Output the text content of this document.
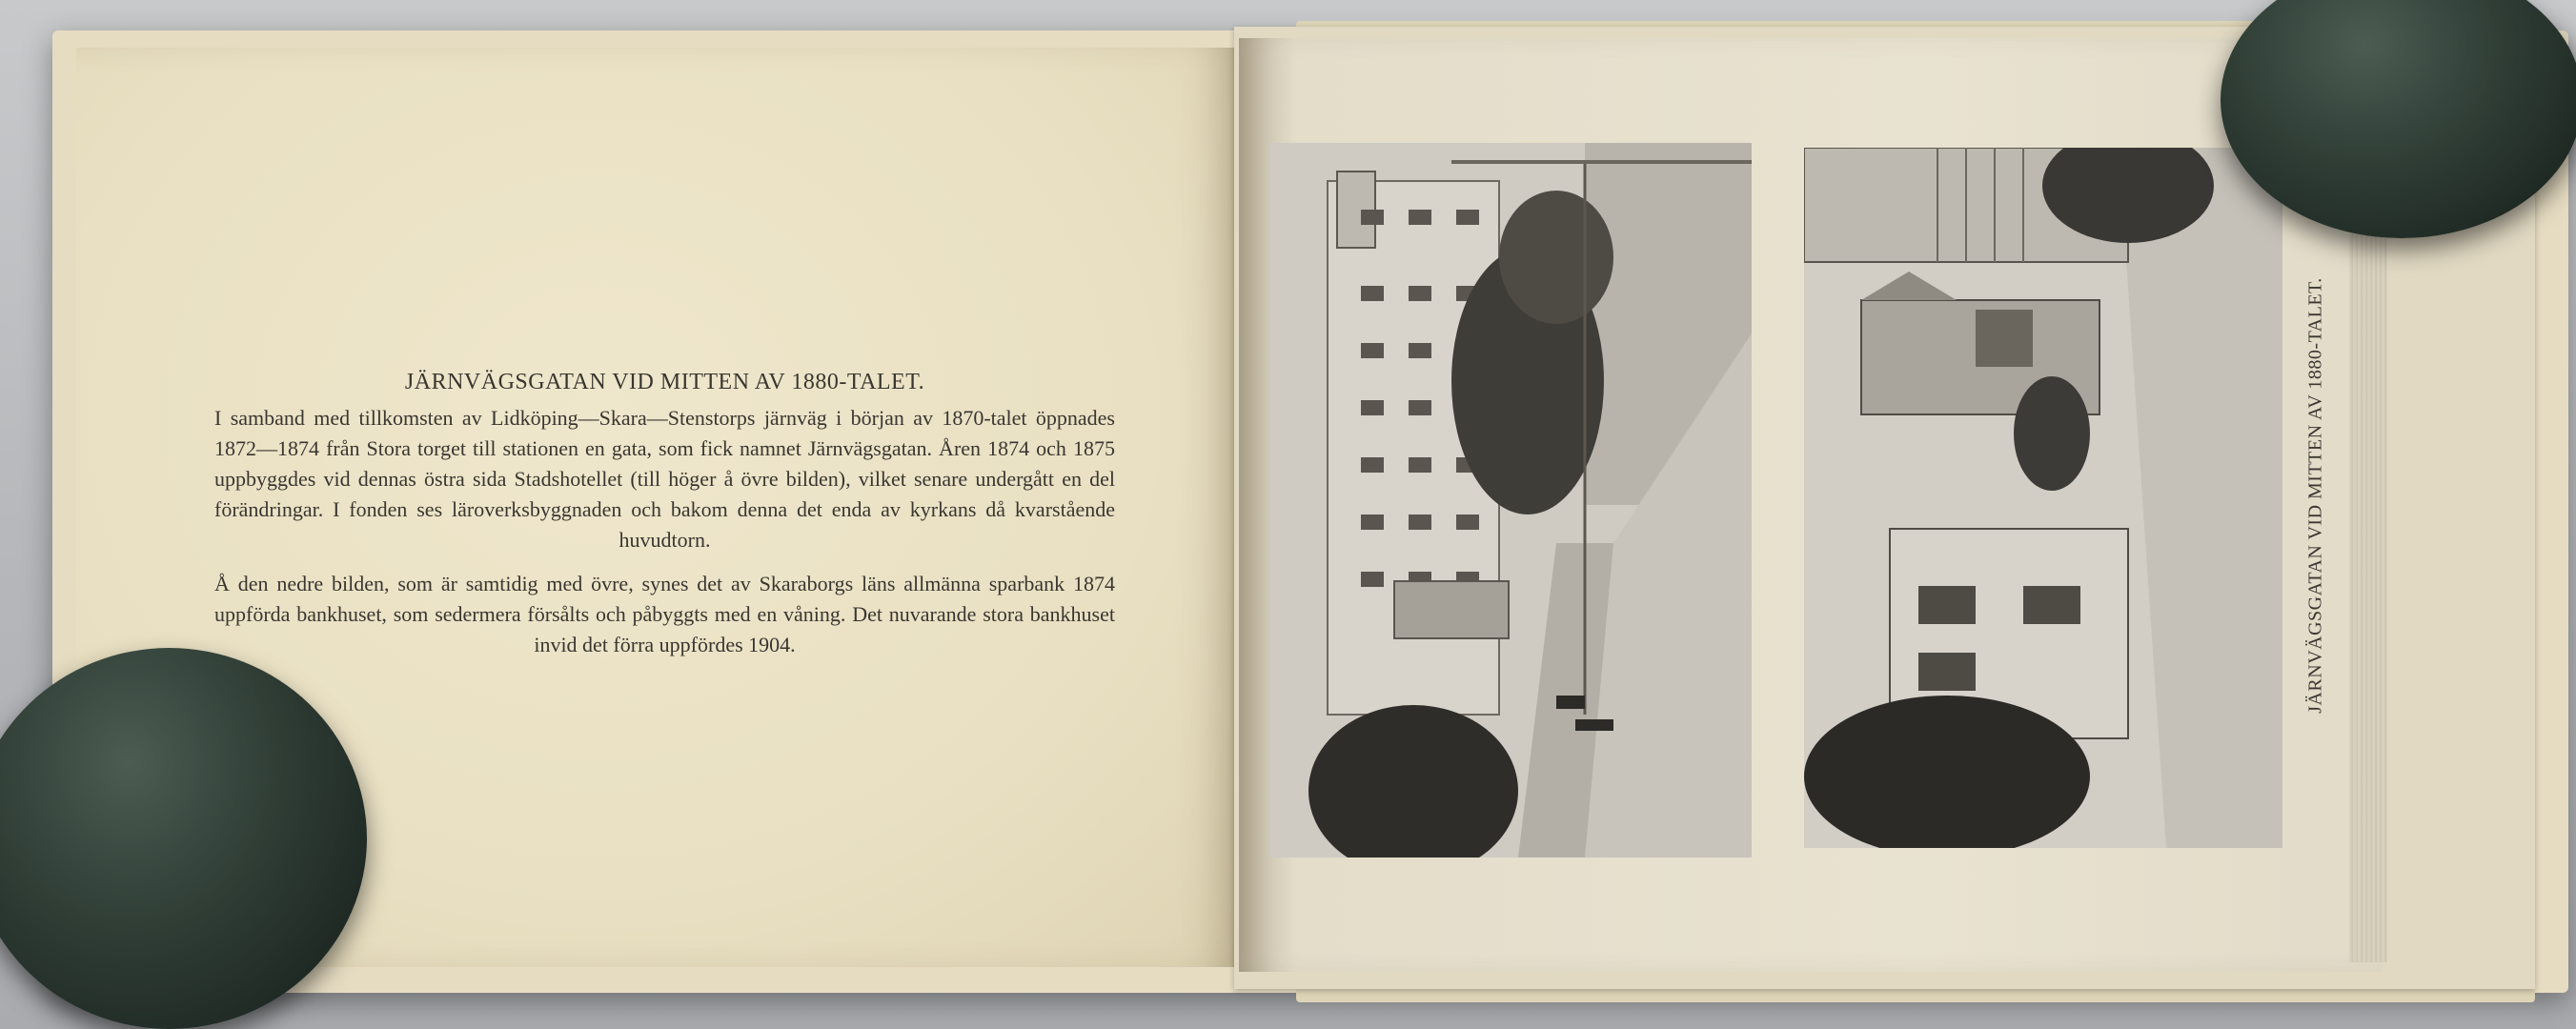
JÄRNVÄGSGATAN VID MITTEN AV 1880-TALET.

I samband med tillkomsten av Lidköping—Skara—Stenstorps järnväg i början av 1870-talet öppnades 1872—1874 från Stora torget till stationen en gata, som fick namnet Järnvägsgatan. Åren 1874 och 1875 uppbyggdes vid dennas östra sida Stadshotellet (till höger å övre bilden), vilket senare undergått en del förändringar. I fonden ses läroverksbyggnaden och bakom denna det enda av kyrkans då kvarstående huvudtorn.

Å den nedre bilden, som är samtidig med övre, synes det av Skaraborgs läns allmänna sparbank 1874 uppförda bankhuset, som sedermera försålts och påbyggts med en våning. Det nuvarande stora bankhuset invid det förra uppfördes 1904.	JÄRNVÄGSGATAN VID MITTEN AV 1880-TALET.
